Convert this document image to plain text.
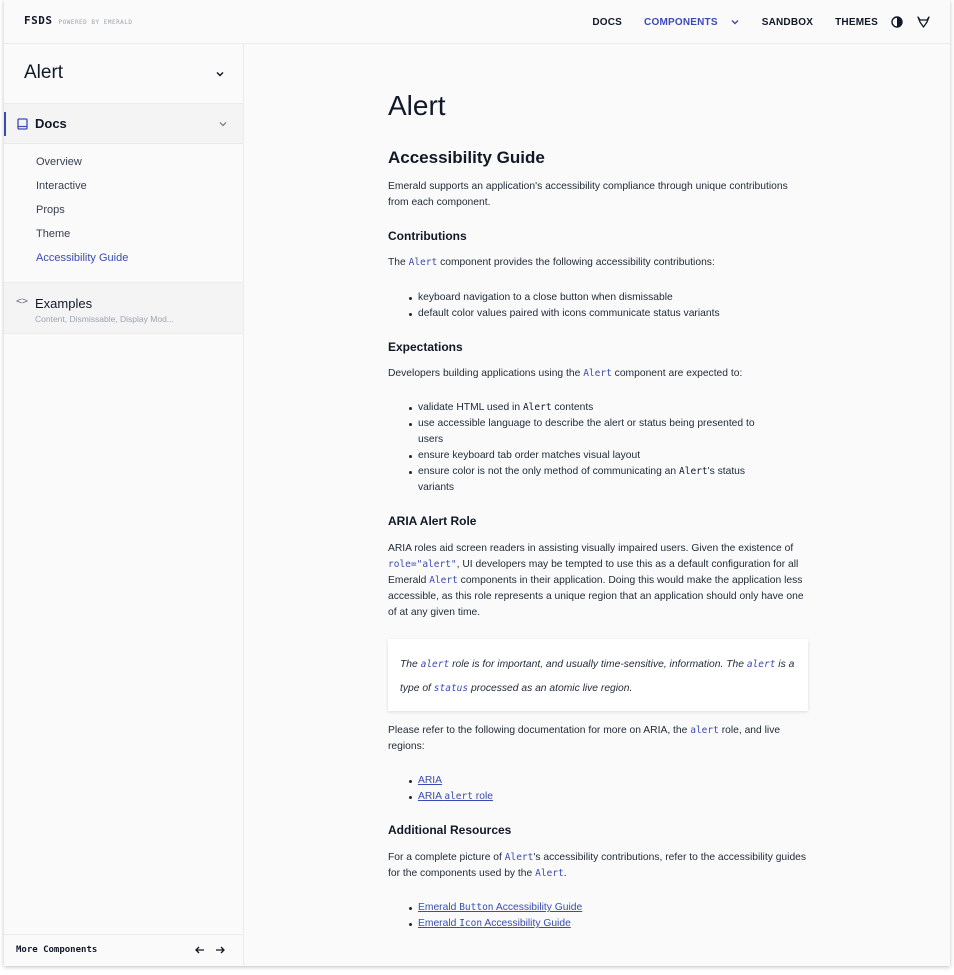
FSDS POWERED BY EMERALD	DOCS COMPONENTS	SANDBOX THEMES
Alert
Docs
Overview
Interactive
Props
Theme
Accessibility Guide
<> Examples
Content, Dismissable, Display Mod...
More Components
Alert
Accessibility Guide

Emerald supports an application's accessibility compliance through unique contributions from each component.

Contributions

The Alert component provides the following accessibility contributions:

keyboard navigation to a close button when dismissable
default color values paired with icons communicate status variants
Expectations

Developers building applications using the Alert component are expected to:

validate HTML used in Alert contents
use accessible language to describe the alert or status being presented to users
ensure keyboard tab order matches visual layout
ensure color is not the only method of communicating an Alert's status variants
ARIA Alert Role

ARIA roles aid screen readers in assisting visually impaired users. Given the existence of role="alert", UI developers may be tempted to use this as a default configuration for all Emerald Alert components in their application. Doing this would make the application less accessible, as this role represents a unique region that an application should only have one of at any given time.

The alert role is for important, and usually time-sensitive, information. The alert is a type of status processed as an atomic live region.

Please refer to the following documentation for more on ARIA, the alert role, and live regions:

ARIA
ARIA alert role
Additional Resources

For a complete picture of Alert's accessibility contributions, refer to the accessibility guides for the components used by the Alert.

Emerald Button Accessibility Guide
Emerald Icon Accessibility Guide
